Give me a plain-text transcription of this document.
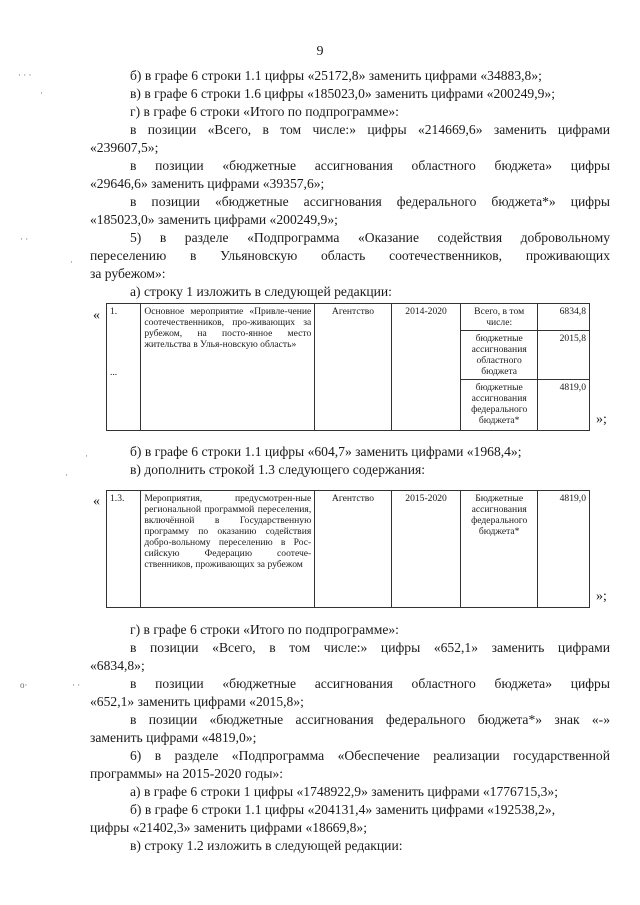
9
· · ·
·
· ·
·
·
·
o·	· ·
б) в графе 6 строки 1.1 цифры «25172,8» заменить цифрами «34883,8»;
в) в графе 6 строки 1.6 цифры «185023,0» заменить цифрами «200249,9»;
г) в графе 6 строки «Итого по подпрограмме»:
в позиции «Всего, в том числе:» цифры «214669,6» заменить цифрами
«239607,5»;
в позиции «бюджетные ассигнования областного бюджета» цифры
«29646,6» заменить цифрами «39357,6»;
в позиции «бюджетные ассигнования федерального бюджета*» цифры
«185023,0» заменить цифрами «200249,9»;
5) в разделе «Подпрограмма «Оказание содействия добровольному
переселению в Ульяновскую область соотечественников, проживающих
за рубежом»:
а) строку 1 изложить в следующей редакции:
« 1.
...	Основное мероприятие «Привле-чение соотечественников, про-живающих за рубежом, на посто-янное место жительства в Улья-новскую область»	Агентство	2014-2020	Всего, в том числе:	6834,8
				бюджетные ассигнования областного бюджета	2015,8
				бюджетные ассигнования федерального бюджета*	4819,0
»;
б) в графе 6 строки 1.1 цифры «604,7» заменить цифрами «1968,4»;
в) дополнить строкой 1.3 следующего содержания:
« 1.3.	Мероприятия, предусмотрен-ные региональной программой переселения, включённой в Государственную программу по оказанию содействия добро-вольному переселению в Рос-сийскую Федерацию соотече-ственников, проживающих за рубежом	Агентство	2015-2020	Бюджетные ассигнования федерального бюджета*	4819,0
»;
г) в графе 6 строки «Итого по подпрограмме»:
в позиции «Всего, в том числе:» цифры «652,1» заменить цифрами
«6834,8»;
в позиции «бюджетные ассигнования областного бюджета» цифры
«652,1» заменить цифрами «2015,8»;
в позиции «бюджетные ассигнования федерального бюджета*» знак «-»
заменить цифрами «4819,0»;
6) в разделе «Подпрограмма «Обеспечение реализации государственной
программы» на 2015-2020 годы»:
а) в графе 6 строки 1 цифры «1748922,9» заменить цифрами «1776715,3»;
б) в графе 6 строки 1.1 цифры «204131,4» заменить цифрами «192538,2»,
цифры «21402,3» заменить цифрами «18669,8»;
в) строку 1.2 изложить в следующей редакции:
